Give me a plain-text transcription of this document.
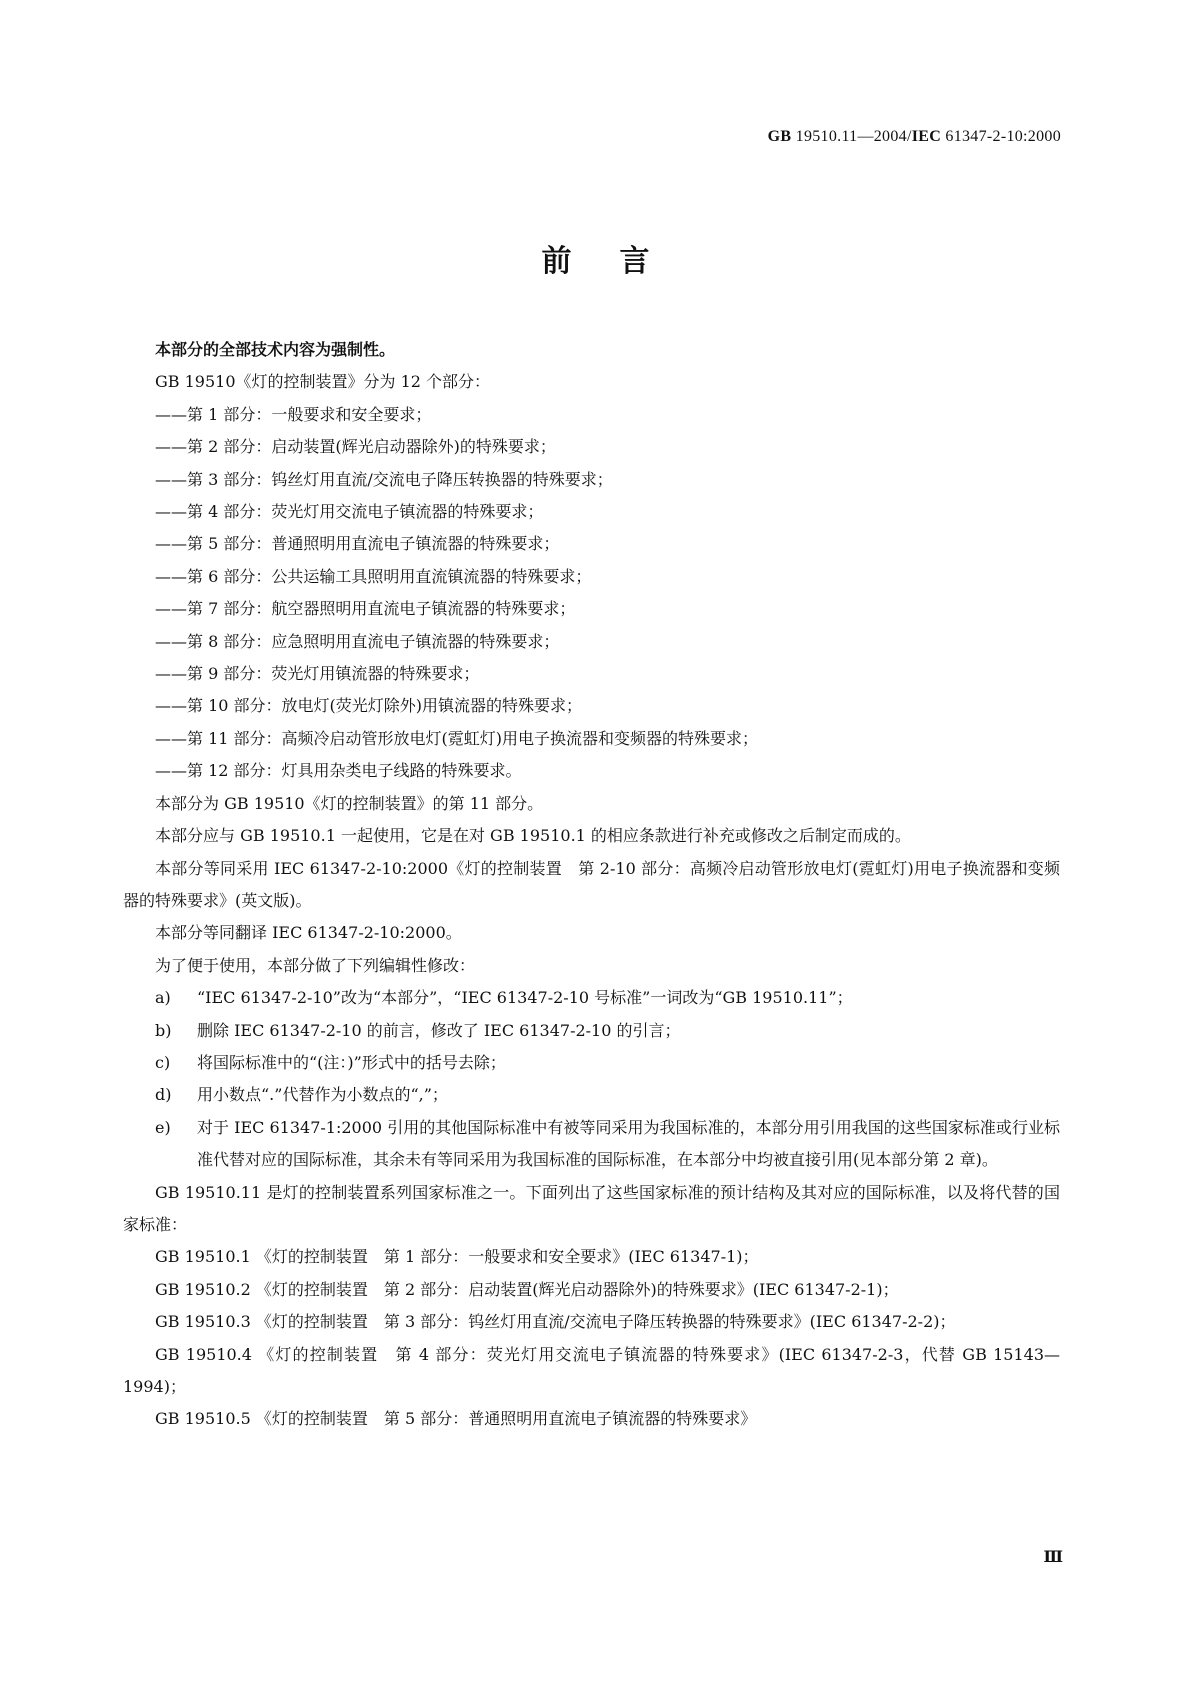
GB 19510.11—2004/IEC 61347-2-10:2000
前言

本部分的全部技术内容为强制性。

GB 19510《灯的控制装置》分为 12 个部分：

——第 1 部分：一般要求和安全要求；

——第 2 部分：启动装置(辉光启动器除外)的特殊要求；

——第 3 部分：钨丝灯用直流/交流电子降压转换器的特殊要求；

——第 4 部分：荧光灯用交流电子镇流器的特殊要求；

——第 5 部分：普通照明用直流电子镇流器的特殊要求；

——第 6 部分：公共运输工具照明用直流镇流器的特殊要求；

——第 7 部分：航空器照明用直流电子镇流器的特殊要求；

——第 8 部分：应急照明用直流电子镇流器的特殊要求；

——第 9 部分：荧光灯用镇流器的特殊要求；

——第 10 部分：放电灯(荧光灯除外)用镇流器的特殊要求；

——第 11 部分：高频冷启动管形放电灯(霓虹灯)用电子换流器和变频器的特殊要求；

——第 12 部分：灯具用杂类电子线路的特殊要求。

本部分为 GB 19510《灯的控制装置》的第 11 部分。

本部分应与 GB 19510.1 一起使用，它是在对 GB 19510.1 的相应条款进行补充或修改之后制定而成的。

本部分等同采用 IEC 61347-2-10:2000《灯的控制装置　第 2-10 部分：高频冷启动管形放电灯(霓虹灯)用电子换流器和变频器的特殊要求》(英文版)。

本部分等同翻译 IEC 61347-2-10:2000。

为了便于使用，本部分做了下列编辑性修改：

a)	“IEC 61347-2-10”改为“本部分”，“IEC 61347-2-10 号标准”一词改为“GB 19510.11”；
b)	删除 IEC 61347-2-10 的前言，修改了 IEC 61347-2-10 的引言；
c)	将国际标准中的“(注：)”形式中的括号去除；
d)	用小数点“.”代替作为小数点的“,”；
e)	对于 IEC 61347-1:2000 引用的其他国际标准中有被等同采用为我国标准的，本部分用引用我国的这些国家标准或行业标准代替对应的国际标准，其余未有等同采用为我国标准的国际标准，在本部分中均被直接引用(见本部分第 2 章)。

GB 19510.11 是灯的控制装置系列国家标准之一。下面列出了这些国家标准的预计结构及其对应的国际标准，以及将代替的国家标准：

GB 19510.1 《灯的控制装置　第 1 部分：一般要求和安全要求》(IEC 61347-1)；

GB 19510.2 《灯的控制装置　第 2 部分：启动装置(辉光启动器除外)的特殊要求》(IEC 61347-2-1)；

GB 19510.3 《灯的控制装置　第 3 部分：钨丝灯用直流/交流电子降压转换器的特殊要求》(IEC 61347-2-2)；

GB 19510.4 《灯的控制装置　第 4 部分：荧光灯用交流电子镇流器的特殊要求》(IEC 61347-2-3，代替 GB 15143—1994)；

GB 19510.5 《灯的控制装置　第 5 部分：普通照明用直流电子镇流器的特殊要求》

Ⅲ
